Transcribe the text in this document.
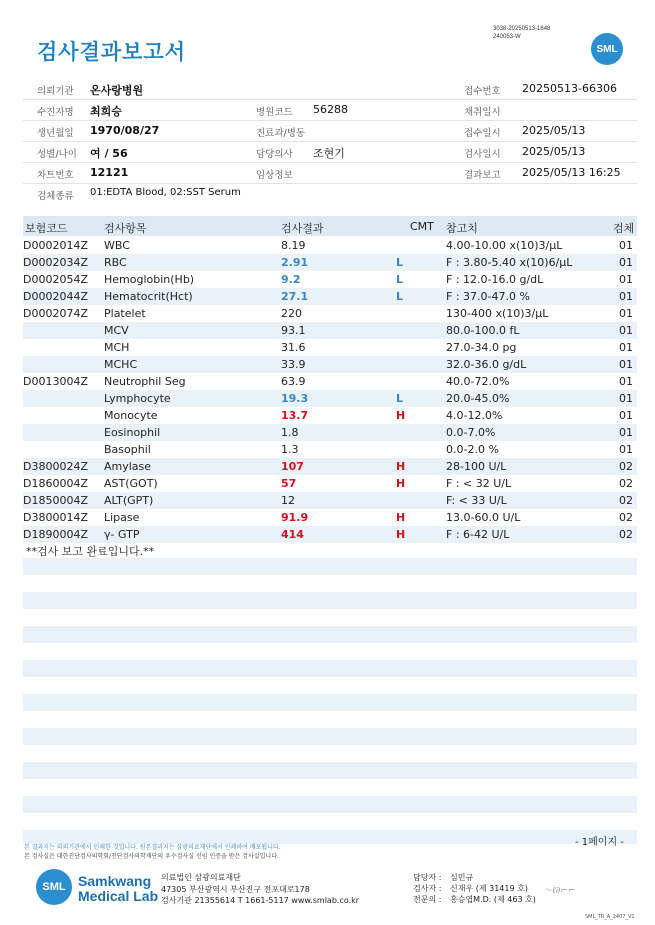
검사결과보고서
3038-20250513-1648
240053-W
SML
의뢰기관 온사랑병원	접수번호 20250513-66306
수진자명 최희승	병원코드 56288	채취일시
생년월일 1970/08/27	진료과/병동	접수일시 2025/05/13
성별/나이 여 / 56	담당의사 조현기	검사일시 2025/05/13
차트번호 12121	임상정보	결과보고 2025/05/13 16:25
검체종류 01:EDTA Blood, 02:SST Serum
보험코드	검사항목	검사결과	CMT 참고치	검체
D0002014Z WBC	8.19	4.00-10.00 x(10)3/μL	01
D0002034Z RBC	2.91	L	F : 3.80-5.40 x(10)6/μL	01
D0002054Z Hemoglobin(Hb)	9.2	L	F : 12.0-16.0 g/dL	01
D0002044Z Hematocrit(Hct)	27.1	L	F : 37.0-47.0 %	01
D0002074Z Platelet	220	130-400 x(10)3/μL	01
MCV	93.1	80.0-100.0 fL	01
MCH	31.6	27.0-34.0 pg	01
MCHC	33.9	32.0-36.0 g/dL	01
D0013004Z Neutrophil Seg	63.9	40.0-72.0%	01
Lymphocyte	19.3	L	20.0-45.0%	01
Monocyte	13.7	H	4.0-12.0%	01
Eosinophil	1.8	0.0-7.0%	01
Basophil	1.3	0.0-2.0 %	01
D3800024Z Amylase	107	H	28-100 U/L	02
D1860004Z AST(GOT)	57	H	F : < 32 U/L	02
D1850004Z ALT(GPT)	12	F: < 33 U/L	02
D3800014Z Lipase	91.9	H	13.0-60.0 U/L	02
D1890004Z γ- GTP	414	H	F : 6-42 U/L	02
**검사 보고 완료입니다.**
- 1페이지 -
본 결과지는 의뢰기관에서 인쇄한 것입니다. 원본결과지는 삼광의료재단에서 인쇄하여 배포됩니다.
본 검사실은 대한진단검사의학회/진단검사의학재단의 우수검사실 신임 인증을 받은 검사실입니다.
SML Samkwang
Medical Lab
의료법인 삼광의료재단
47305 부산광역시 부산진구 전포대로178
검사기관 21355614 T 1661-5117 www.smlab.co.kr
담당자 : 심민규
검사자 : 신재우 (제 31419 호)
전문의 : 홍승엽M.D. (제 463 호)
〜ℓ∂⌐⌐
SML_TR_A_2407_V1
